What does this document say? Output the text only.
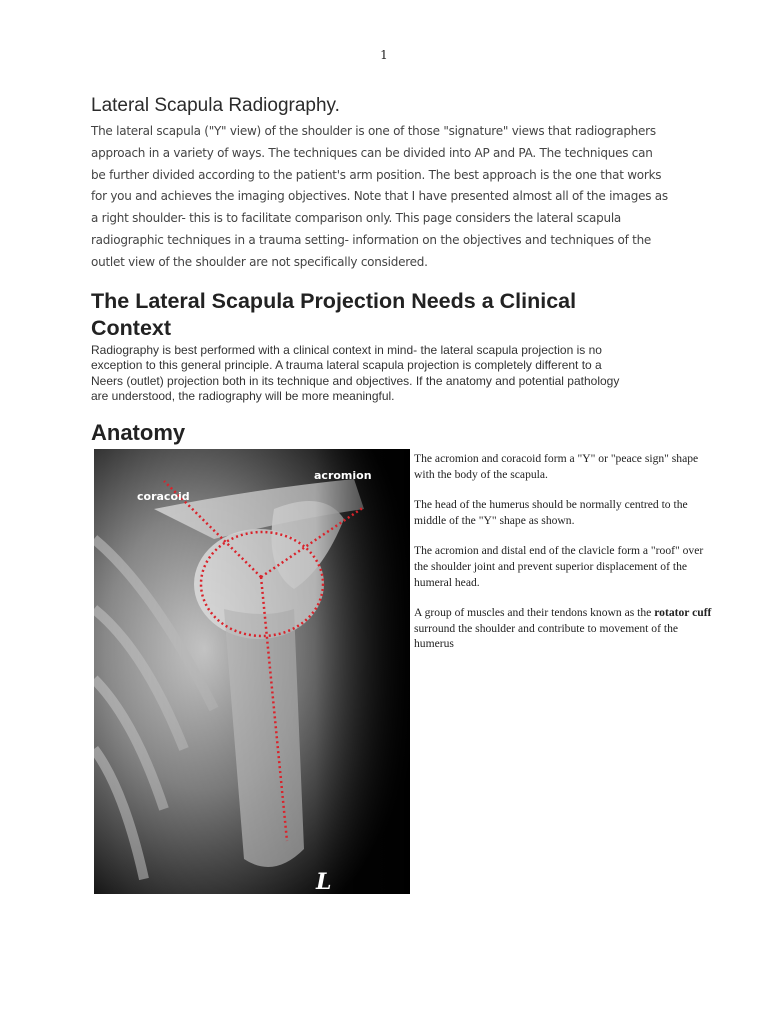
1
Lateral Scapula Radiography.
The lateral scapula ("Y" view) of the shoulder is one of those "signature" views that radiographers
approach in a variety of ways. The techniques can be divided into AP and PA. The techniques can
be further divided according to the patient's arm position. The best approach is the one that works
for you and achieves the imaging objectives. Note that I have presented almost all of the images as
a right shoulder- this is to facilitate comparison only. This page considers the lateral scapula
radiographic techniques in a trauma setting- information on the objectives and techniques of the
outlet view of the shoulder are not specifically considered.
The Lateral Scapula Projection Needs a Clinical Context
Radiography is best performed with a clinical context in mind- the lateral scapula projection is no
exception to this general principle. A trauma lateral scapula projection is completely different to a
Neers (outlet) projection both in its technique and objectives. If the anatomy and potential pathology
are understood, the radiography will be more meaningful.
Anatomy
acromion
coracoid
L

The acromion and coracoid form a "Y" or "peace sign" shape with the body of the scapula.

The head of the humerus should be normally centred to the middle of the "Y" shape as shown.

The acromion and distal end of the clavicle form a "roof" over the shoulder joint and prevent superior displacement of the humeral head.

A group of muscles and their tendons known as the rotator cuff surround the shoulder and contribute to movement of the humerus
